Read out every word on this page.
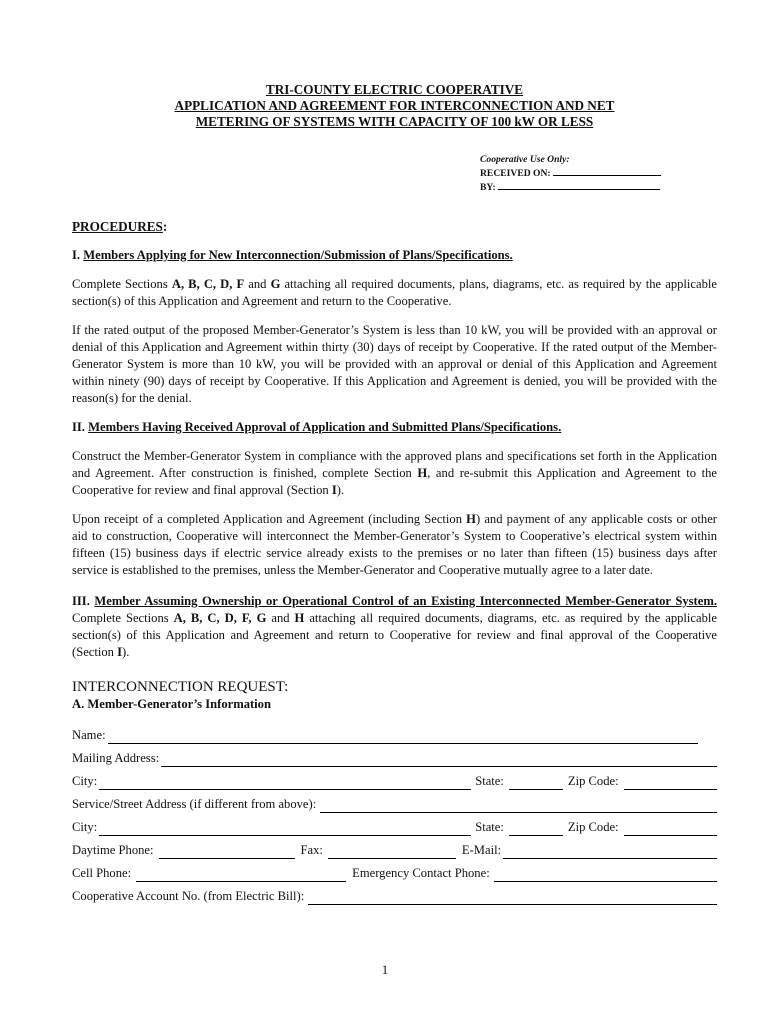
TRI-COUNTY ELECTRIC COOPERATIVE
APPLICATION AND AGREEMENT FOR INTERCONNECTION AND NET
METERING OF SYSTEMS WITH CAPACITY OF 100 kW OR LESS
Cooperative Use Only:
RECEIVED ON:
BY:
PROCEDURES:
I. Members Applying for New Interconnection/Submission of Plans/Specifications.

Complete Sections A, B, C, D, F and G attaching all required documents, plans, diagrams, etc. as required by the applicable section(s) of this Application and Agreement and return to the Cooperative.

If the rated output of the proposed Member-Generator’s System is less than 10 kW, you will be provided with an approval or denial of this Application and Agreement within thirty (30) days of receipt by Cooperative. If the rated output of the Member-Generator System is more than 10 kW, you will be provided with an approval or denial of this Application and Agreement within ninety (90) days of receipt by Cooperative. If this Application and Agreement is denied, you will be provided with the reason(s) for the denial.

II. Members Having Received Approval of Application and Submitted Plans/Specifications.

Construct the Member-Generator System in compliance with the approved plans and specifications set forth in the Application and Agreement. After construction is finished, complete Section H, and re-submit this Application and Agreement to the Cooperative for review and final approval (Section I).

Upon receipt of a completed Application and Agreement (including Section H) and payment of any applicable costs or other aid to construction, Cooperative will interconnect the Member-Generator’s System to Cooperative’s electrical system within fifteen (15) business days if electric service already exists to the premises or no later than fifteen (15) business days after service is established to the premises, unless the Member-Generator and Cooperative mutually agree to a later date.

III. Member Assuming Ownership or Operational Control of an Existing Interconnected Member-Generator System. Complete Sections A, B, C, D, F, G and H attaching all required documents, diagrams, etc. as required by the applicable section(s) of this Application and Agreement and return to Cooperative for review and final approval of the Cooperative (Section I).

INTERCONNECTION REQUEST:
A. Member-Generator’s Information
Name:
Mailing Address:
City:	State:	Zip Code:
Service/Street Address (if different from above):
City:	State:	Zip Code:
Daytime Phone:	Fax:	E-Mail:
Cell Phone:	Emergency Contact Phone:
Cooperative Account No. (from Electric Bill):
1
